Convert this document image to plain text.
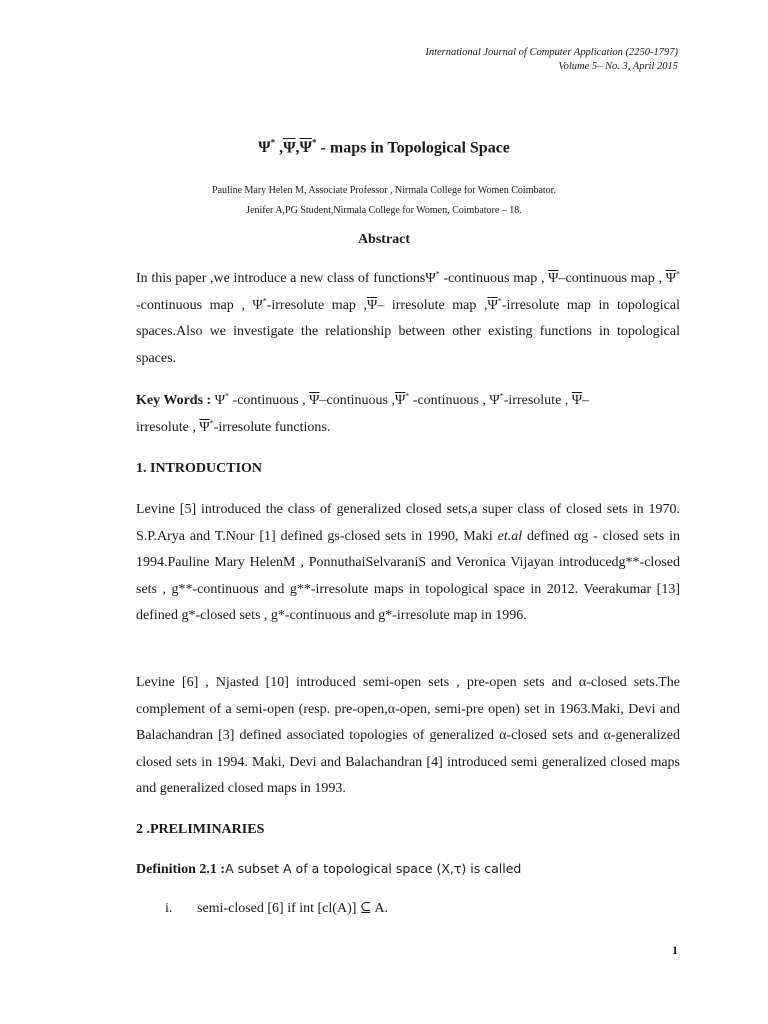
International Journal of Computer Application (2250-1797)
Volume 5– No. 3, April 2015
Ψ* $,\overline{\Psi},\overline{\Psi}^*$ - maps in Topological Space
Pauline Mary Helen M, Associate Professor , Nirmala College for Women Coimbator.
Jenifer A,PG Student,Nirmala College for Women, Coimbatore – 18.
Abstract
In this paper ,we introduce a new class of functionsΨ* -continuous map , $\overline{\Psi}$–continuous map , $\overline{\Psi}^*$ -continuous map , Ψ*-irresolute map $,\overline{\Psi}-$ irresolute map $,\overline{\Psi}^*$-irresolute map in topological spaces.Also we investigate the relationship between other existing functions in topological spaces.
Key Words : Ψ* -continuous , $\overline{\Psi}$–continuous $,\overline{\Psi}^*$ -continuous , Ψ*-irresolute , $\overline{\Psi}-$
irresolute , $\overline{\Psi}^*$-irresolute functions.
1. INTRODUCTION
Levine [5] introduced the class of generalized closed sets,a super class of closed sets in 1970. S.P.Arya and T.Nour [1] defined gs-closed sets in 1990, Maki et.al defined αg - closed sets in 1994.Pauline Mary HelenM , PonnuthaiSelvaraniS and Veronica Vijayan introducedg**-closed sets , g**-continuous and g**-irresolute maps in topological space in 2012. Veerakumar [13] defined g*-closed sets , g*-continuous and g*-irresolute map in 1996.
Levine [6] , Njasted [10] introduced semi-open sets , pre-open sets and α-closed sets.The complement of a semi-open (resp. pre-open,α-open, semi-pre open) set in 1963.Maki, Devi and Balachandran [3] defined associated topologies of generalized α-closed sets and α-generalized closed sets in 1994. Maki, Devi and Balachandran [4] introduced semi generalized closed maps and generalized closed maps in 1993.
2 .PRELIMINARIES
Definition 2.1 :A subset A of a topological space (X,τ) is called
i. semi-closed [6] if int [cl(A)] ⊆ A.
1
